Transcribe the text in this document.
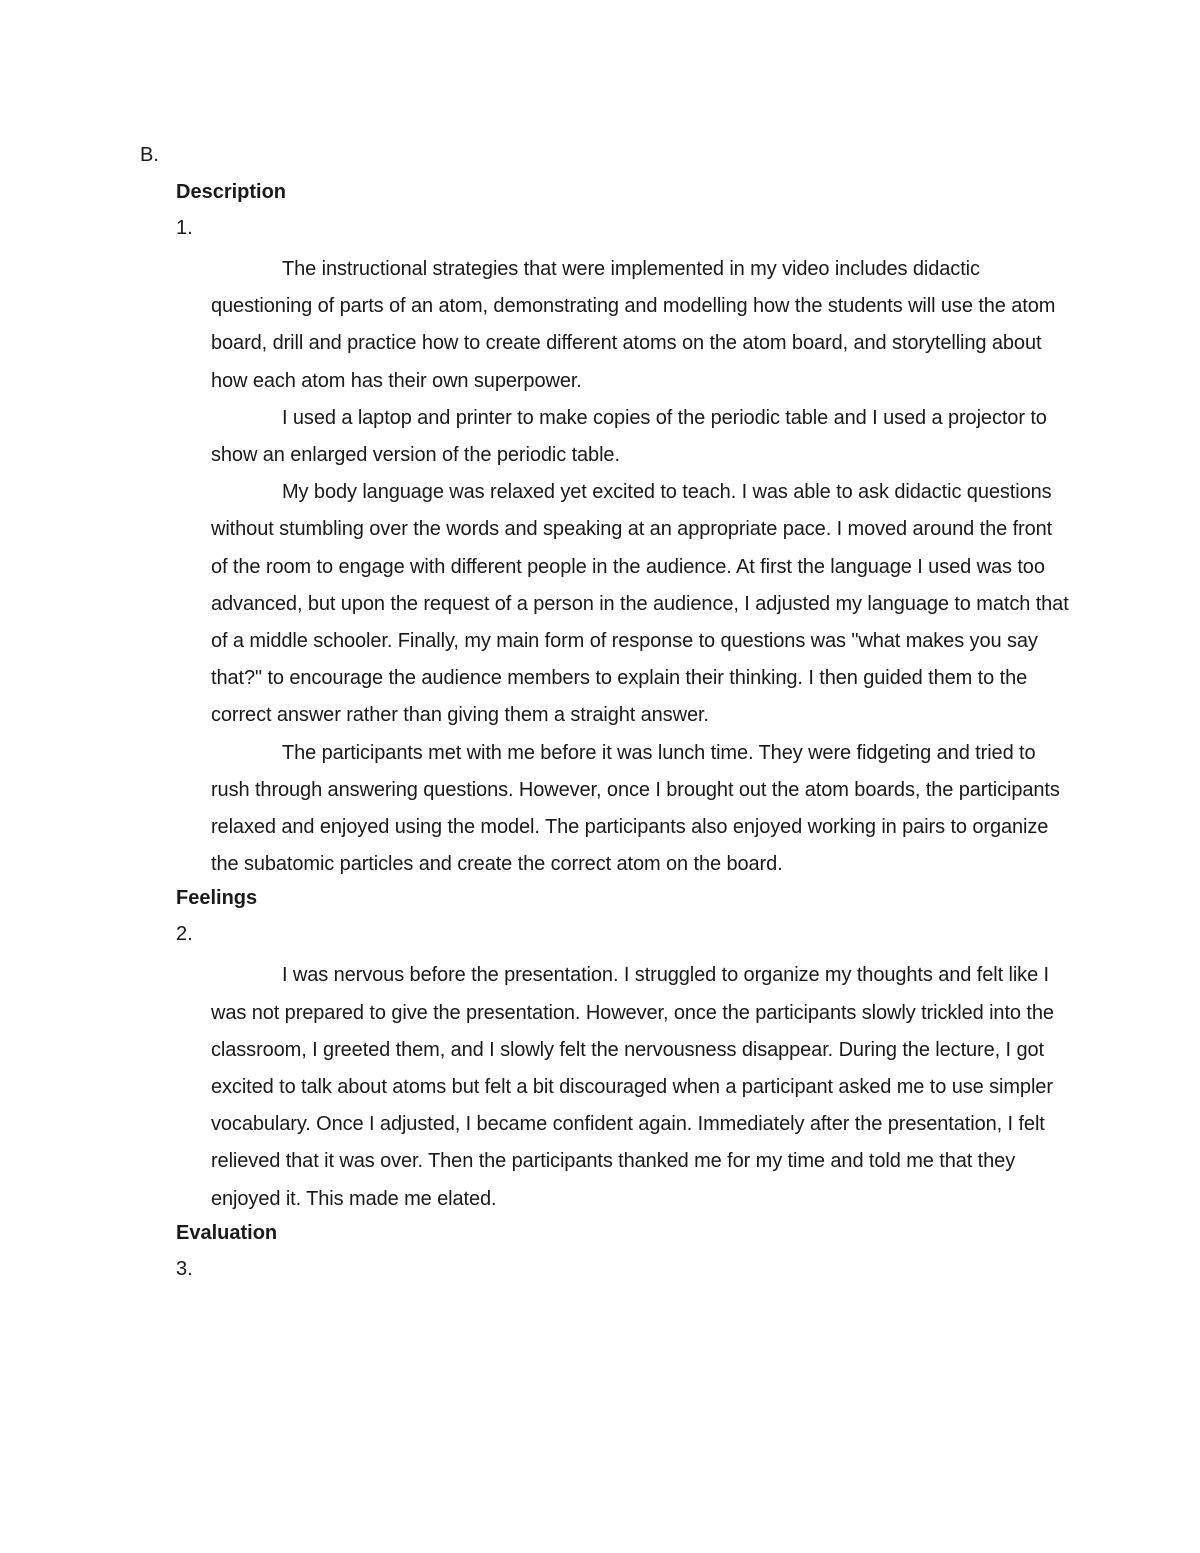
B.
Description
1.

The instructional strategies that were implemented in my video includes didactic questioning of parts of an atom, demonstrating and modelling how the students will use the atom board, drill and practice how to create different atoms on the atom board, and storytelling about how each atom has their own superpower.

I used a laptop and printer to make copies of the periodic table and I used a projector to show an enlarged version of the periodic table.

My body language was relaxed yet excited to teach. I was able to ask didactic questions without stumbling over the words and speaking at an appropriate pace. I moved around the front of the room to engage with different people in the audience. At first the language I used was too advanced, but upon the request of a person in the audience, I adjusted my language to match that of a middle schooler. Finally, my main form of response to questions was "what makes you say that?" to encourage the audience members to explain their thinking. I then guided them to the correct answer rather than giving them a straight answer.

The participants met with me before it was lunch time. They were fidgeting and tried to rush through answering questions. However, once I brought out the atom boards, the participants relaxed and enjoyed using the model. The participants also enjoyed working in pairs to organize the subatomic particles and create the correct atom on the board.

Feelings
2.

I was nervous before the presentation. I struggled to organize my thoughts and felt like I was not prepared to give the presentation. However, once the participants slowly trickled into the classroom, I greeted them, and I slowly felt the nervousness disappear. During the lecture, I got excited to talk about atoms but felt a bit discouraged when a participant asked me to use simpler vocabulary. Once I adjusted, I became confident again. Immediately after the presentation, I felt relieved that it was over. Then the participants thanked me for my time and told me that they enjoyed it. This made me elated.

Evaluation
3.
